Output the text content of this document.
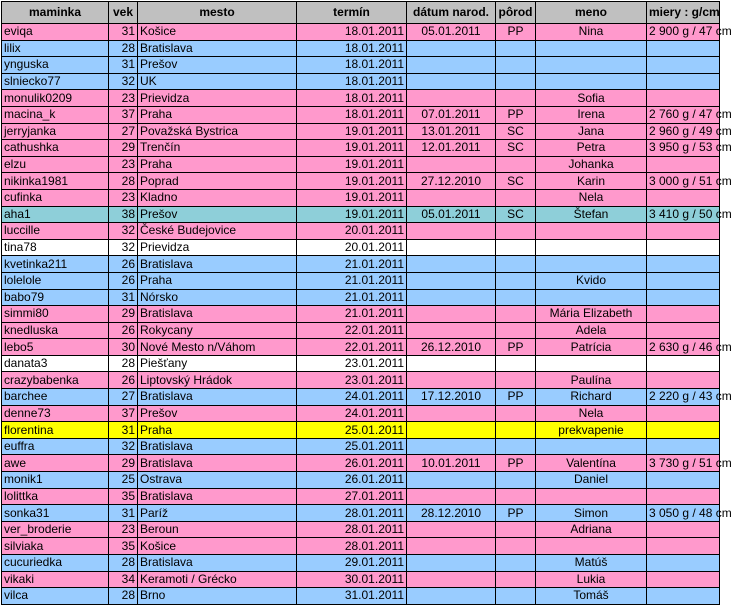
maminka	vek	mesto	termín	dátum narod.	pôrod	meno	miery : g/cm
eviqa	31	Košice	18.01.2011	05.01.2011	PP	Nina	2 900 g / 47 cm
lilix	28	Bratislava	18.01.2011				
ynguska	31	Prešov	18.01.2011				
slniecko77	32	UK	18.01.2011				
monulik0209	23	Prievidza	18.01.2011			Sofia	
macina_k	37	Praha	18.01.2011	07.01.2011	PP	Irena	2 760 g / 47 cm
jerryjanka	27	Považská Bystrica	19.01.2011	13.01.2011	SC	Jana	2 960 g / 49 cm
cathushka	29	Trenčín	19.01.2011	12.01.2011	SC	Petra	3 950 g / 53 cm
elzu	23	Praha	19.01.2011			Johanka	
nikinka1981	28	Poprad	19.01.2011	27.12.2010	SC	Karin	3 000 g / 51 cm
cufinka	23	Kladno	19.01.2011			Nela	
aha1	38	Prešov	19.01.2011	05.01.2011	SC	Štefan	3 410 g / 50 cm
luccille	32	České Budejovice	20.01.2011				
tina78	32	Prievidza	20.01.2011				
kvetinka211	26	Bratislava	21.01.2011				
lolelole	26	Praha	21.01.2011			Kvido	
babo79	31	Nórsko	21.01.2011				
simmi80	29	Bratislava	21.01.2011			Mária Elizabeth	
knedluska	26	Rokycany	22.01.2011			Adela	
lebo5	30	Nové Mesto n/Váhom	22.01.2011	26.12.2010	PP	Patrícia	2 630 g / 46 cm
danata3	28	Piešťany	23.01.2011				
crazybabenka	26	Liptovský Hrádok	23.01.2011			Paulína	
barchee	27	Bratislava	24.01.2011	17.12.2010	PP	Richard	2 220 g / 43 cm
denne73	37	Prešov	24.01.2011			Nela	
florentina	31	Praha	25.01.2011			prekvapenie	
euffra	32	Bratislava	25.01.2011				
awe	29	Bratislava	26.01.2011	10.01.2011	PP	Valentína	3 730 g / 51 cm
monik1	25	Ostrava	26.01.2011			Daniel	
lolittka	35	Bratislava	27.01.2011				
sonka31	31	Paríž	28.01.2011	28.12.2010	PP	Simon	3 050 g / 48 cm
ver_broderie	23	Beroun	28.01.2011			Adriana	
silviaka	35	Košice	28.01.2011				
cucuriedka	28	Bratislava	29.01.2011			Matúš	
vikaki	34	Keramoti / Grécko	30.01.2011			Lukia	
vilca	28	Brno	31.01.2011			Tomáš	
